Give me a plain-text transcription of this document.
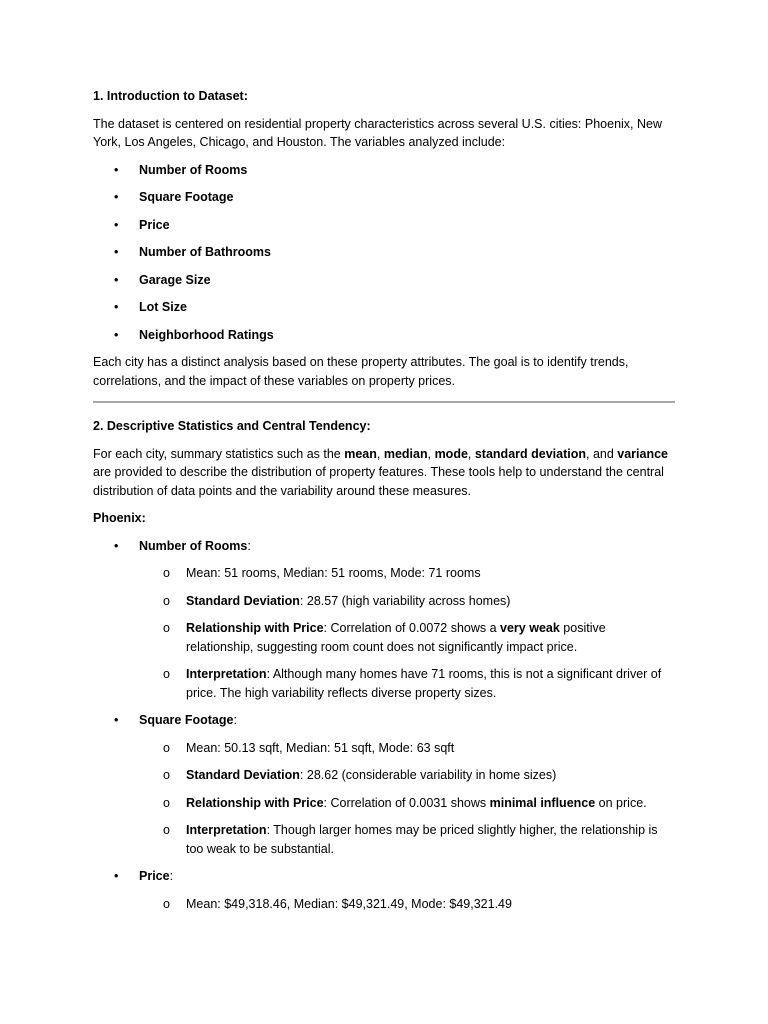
1. Introduction to Dataset:

The dataset is centered on residential property characteristics across several U.S. cities: Phoenix, New York, Los Angeles, Chicago, and Houston. The variables analyzed include:

• Number of Rooms
• Square Footage
• Price
• Number of Bathrooms
• Garage Size
• Lot Size
• Neighborhood Ratings

Each city has a distinct analysis based on these property attributes. The goal is to identify trends, correlations, and the impact of these variables on property prices.

2. Descriptive Statistics and Central Tendency:

For each city, summary statistics such as the mean, median, mode, standard deviation, and variance are provided to describe the distribution of property features. These tools help to understand the central distribution of data points and the variability around these measures.

Phoenix:

• Number of Rooms:
o Mean: 51 rooms, Median: 51 rooms, Mode: 71 rooms
o Standard Deviation: 28.57 (high variability across homes)
o Relationship with Price: Correlation of 0.0072 shows a very weak positive relationship, suggesting room count does not significantly impact price.
o Interpretation: Although many homes have 71 rooms, this is not a significant driver of price. The high variability reflects diverse property sizes.
• Square Footage:
o Mean: 50.13 sqft, Median: 51 sqft, Mode: 63 sqft
o Standard Deviation: 28.62 (considerable variability in home sizes)
o Relationship with Price: Correlation of 0.0031 shows minimal influence on price.
o Interpretation: Though larger homes may be priced slightly higher, the relationship is too weak to be substantial.
• Price:
o Mean: $49,318.46, Median: $49,321.49, Mode: $49,321.49
